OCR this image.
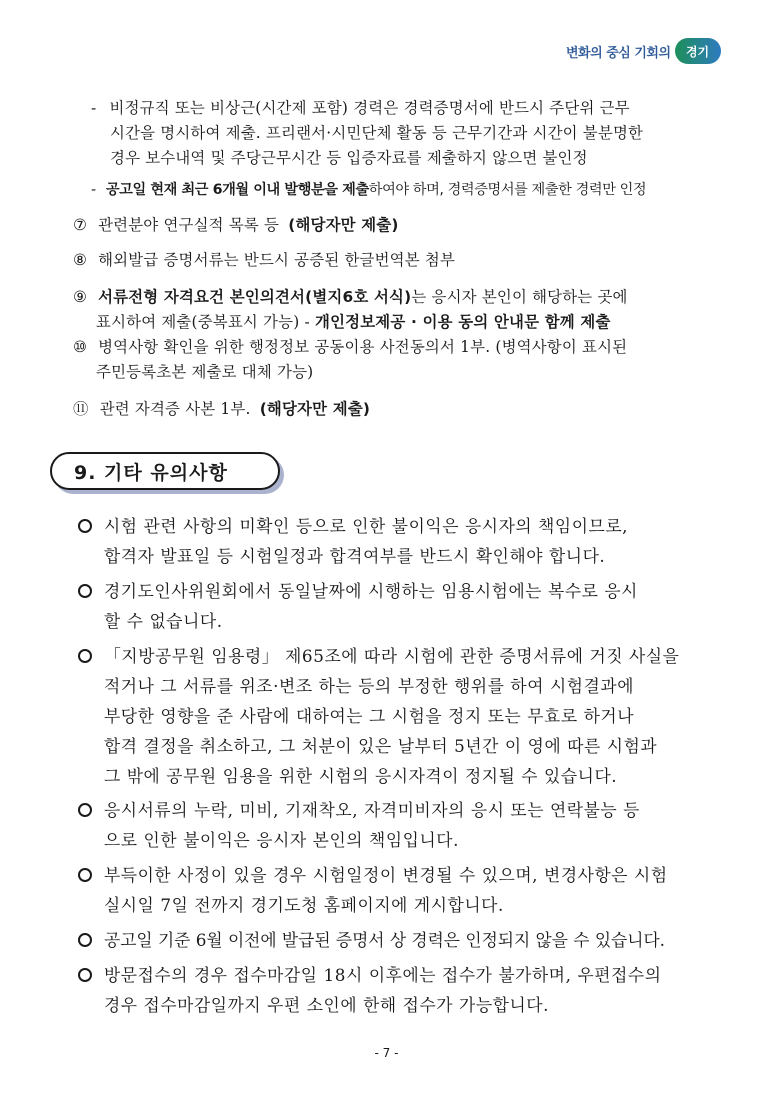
변화의 중심 기회의	경기
- 비정규직 또는 비상근(시간제 포함) 경력은 경력증명서에 반드시 주단위 근무
시간을 명시하여 제출. 프리랜서·시민단체 활동 등 근무기간과 시간이 불분명한
경우 보수내역 및 주당근무시간 등 입증자료를 제출하지 않으면 불인정
- 공고일 현재 최근 6개월 이내 발행분을 제출하여야 하며, 경력증명서를 제출한 경력만 인정
⑦ 관련분야 연구실적 목록 등 (해당자만 제출)
⑧ 해외발급 증명서류는 반드시 공증된 한글번역본 첨부
⑨ 서류전형 자격요건 본인의견서(별지6호 서식)는 응시자 본인이 해당하는 곳에
표시하여 제출(중복표시 가능) - 개인정보제공 · 이용 동의 안내문 함께 제출
⑩ 병역사항 확인을 위한 행정정보 공동이용 사전동의서 1부. (병역사항이 표시된
주민등록초본 제출로 대체 가능)
⑪ 관련 자격증 사본 1부. (해당자만 제출)
9. 기타 유의사항
시험 관련 사항의 미확인 등으로 인한 불이익은 응시자의 책임이므로,
합격자 발표일 등 시험일정과 합격여부를 반드시 확인해야 합니다.
경기도인사위원회에서 동일날짜에 시행하는 임용시험에는 복수로 응시
할 수 없습니다.
「지방공무원 임용령」 제65조에 따라 시험에 관한 증명서류에 거짓 사실을
적거나 그 서류를 위조·변조 하는 등의 부정한 행위를 하여 시험결과에
부당한 영향을 준 사람에 대하여는 그 시험을 정지 또는 무효로 하거나
합격 결정을 취소하고, 그 처분이 있은 날부터 5년간 이 영에 따른 시험과
그 밖에 공무원 임용을 위한 시험의 응시자격이 정지될 수 있습니다.
응시서류의 누락, 미비, 기재착오, 자격미비자의 응시 또는 연락불능 등
으로 인한 불이익은 응시자 본인의 책임입니다.
부득이한 사정이 있을 경우 시험일정이 변경될 수 있으며, 변경사항은 시험
실시일 7일 전까지 경기도청 홈페이지에 게시합니다.
공고일 기준 6월 이전에 발급된 증명서 상 경력은 인정되지 않을 수 있습니다.
방문접수의 경우 접수마감일 18시 이후에는 접수가 불가하며, 우편접수의
경우 접수마감일까지 우편 소인에 한해 접수가 가능합니다.
- 7 -
